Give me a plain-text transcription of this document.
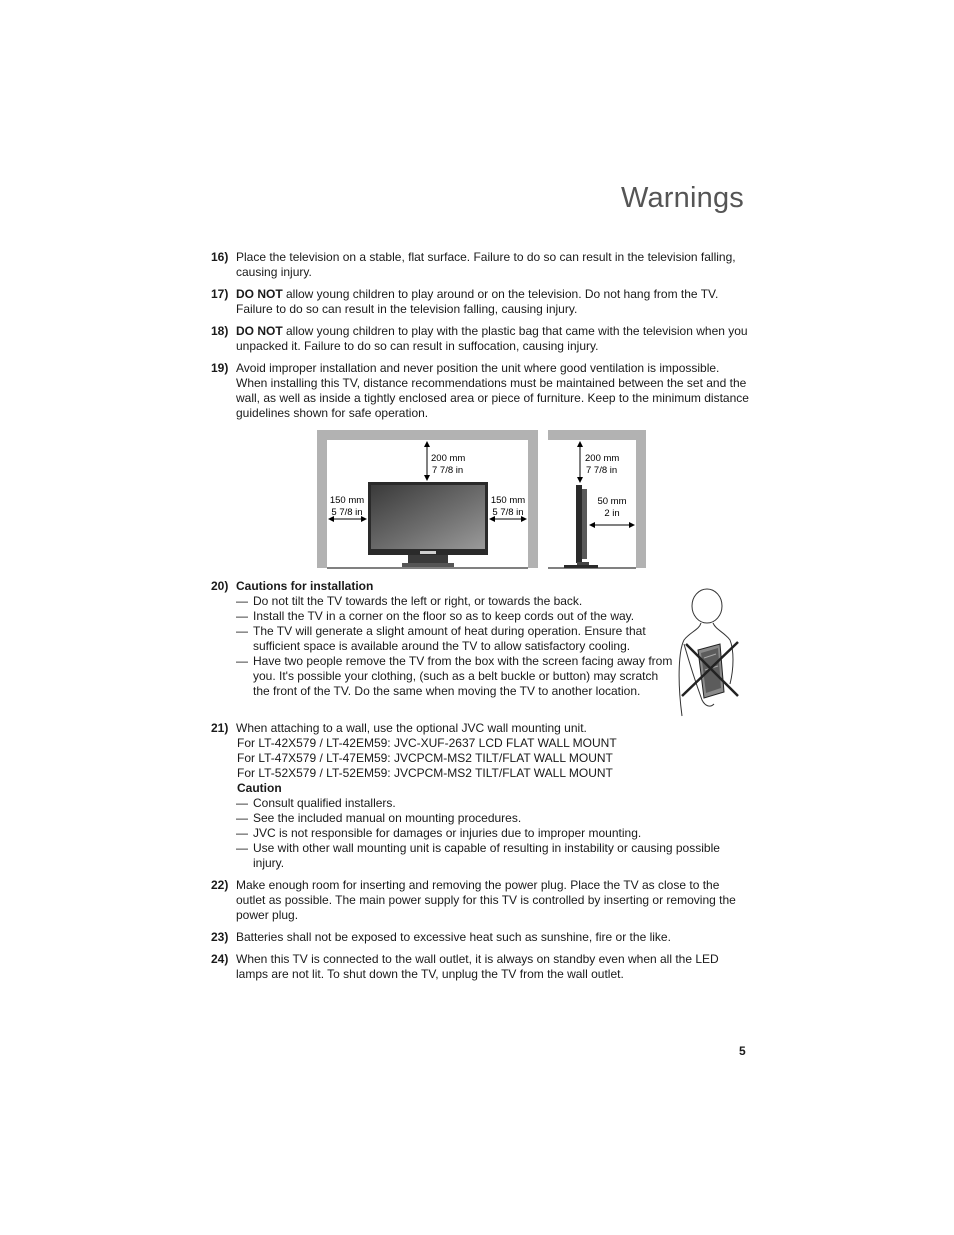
Warnings
16) Place the television on a stable, flat surface. Failure to do so can result in the television falling, causing injury.
17) DO NOT allow young children to play around or on the television. Do not hang from the TV. Failure to do so can result in the television falling, causing injury.
18) DO NOT allow young children to play with the plastic bag that came with the television when you unpacked it. Failure to do so can result in suffocation, causing injury.
19) Avoid improper installation and never position the unit where good ventilation is impossible. When installing this TV, distance recommendations must be maintained between the set and the wall, as well as inside a tightly enclosed area or piece of furniture. Keep to the minimum distance guidelines shown for safe operation.
200 mm
7 7/8 in
150 mm
5 7/8 in
150 mm
5 7/8 in
200 mm
7 7/8 in
50 mm
2 in
20) Cautions for installation
— Do not tilt the TV towards the left or right, or towards the back.
— Install the TV in a corner on the floor so as to keep cords out of the way.
— The TV will generate a slight amount of heat during operation. Ensure that sufficient space is available around the TV to allow satisfactory cooling.
— Have two people remove the TV from the box with the screen facing away from you. It's possible your clothing, (such as a belt buckle or button) may scratch the front of the TV. Do the same when moving the TV to another location.
21) When attaching to a wall, use the optional JVC wall mounting unit.
For LT-42X579 / LT-42EM59: JVC-XUF-2637 LCD FLAT WALL MOUNT
For LT-47X579 / LT-47EM59: JVCPCM-MS2 TILT/FLAT WALL MOUNT
For LT-52X579 / LT-52EM59: JVCPCM-MS2 TILT/FLAT WALL MOUNT
Caution
— Consult qualified installers.
— See the included manual on mounting procedures.
— JVC is not responsible for damages or injuries due to improper mounting.
— Use with other wall mounting unit is capable of resulting in instability or causing possible injury.
22) Make enough room for inserting and removing the power plug. Place the TV as close to the outlet as possible. The main power supply for this TV is controlled by inserting or removing the power plug.
23) Batteries shall not be exposed to excessive heat such as sunshine, fire or the like.
24) When this TV is connected to the wall outlet, it is always on standby even when all the LED lamps are not lit. To shut down the TV, unplug the TV from the wall outlet.
5
